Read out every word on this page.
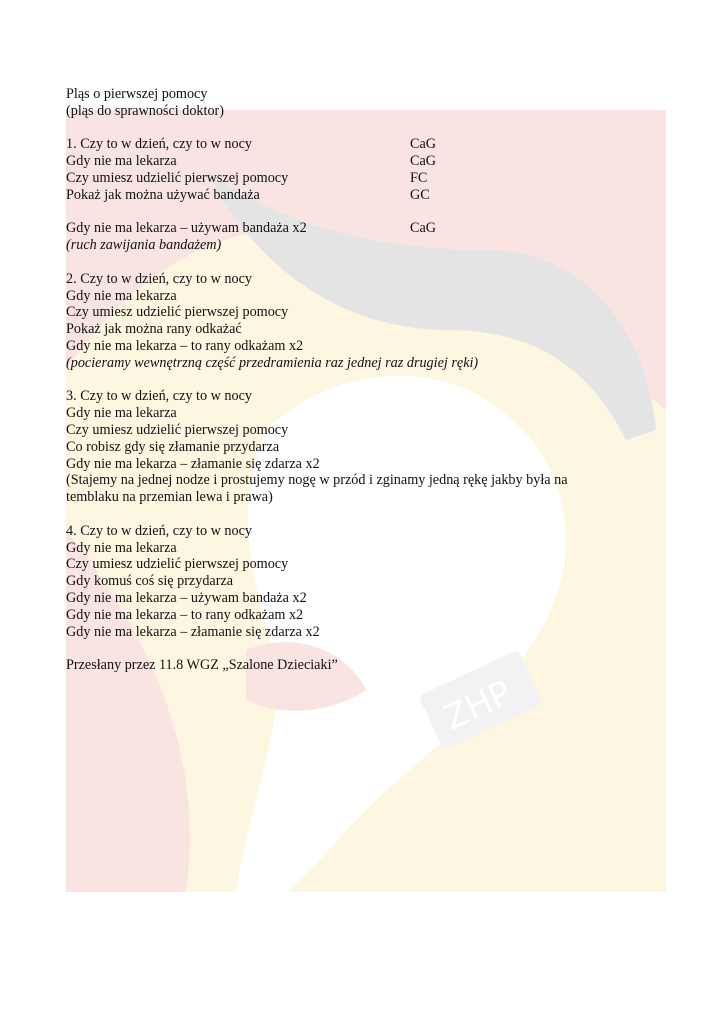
ZHP
Pląs o pierwszej pomocy
(pląs do sprawności doktor)
1. Czy to w dzień, czy to w nocy	CaG
Gdy nie ma lekarza	CaG
Czy umiesz udzielić pierwszej pomocy	FC
Pokaż jak można używać bandaża	GC
Gdy nie ma lekarza – używam bandaża x2	CaG
(ruch zawijania bandażem)
2. Czy to w dzień, czy to w nocy
Gdy nie ma lekarza
Czy umiesz udzielić pierwszej pomocy
Pokaż jak można rany odkażać
Gdy nie ma lekarza – to rany odkażam x2
(pocieramy wewnętrzną część przedramienia raz jednej raz drugiej ręki)
3. Czy to w dzień, czy to w nocy
Gdy nie ma lekarza
Czy umiesz udzielić pierwszej pomocy
Co robisz gdy się złamanie przydarza
Gdy nie ma lekarza – złamanie się zdarza x2
(Stajemy na jednej nodze i prostujemy nogę w przód i zginamy jedną rękę jakby była na temblaku na przemian lewa i prawa)
4. Czy to w dzień, czy to w nocy
Gdy nie ma lekarza
Czy umiesz udzielić pierwszej pomocy
Gdy komuś coś się przydarza
Gdy nie ma lekarza – używam bandaża x2
Gdy nie ma lekarza – to rany odkażam x2
Gdy nie ma lekarza – złamanie się zdarza x2
Przesłany przez 11.8 WGZ „Szalone Dzieciaki”
